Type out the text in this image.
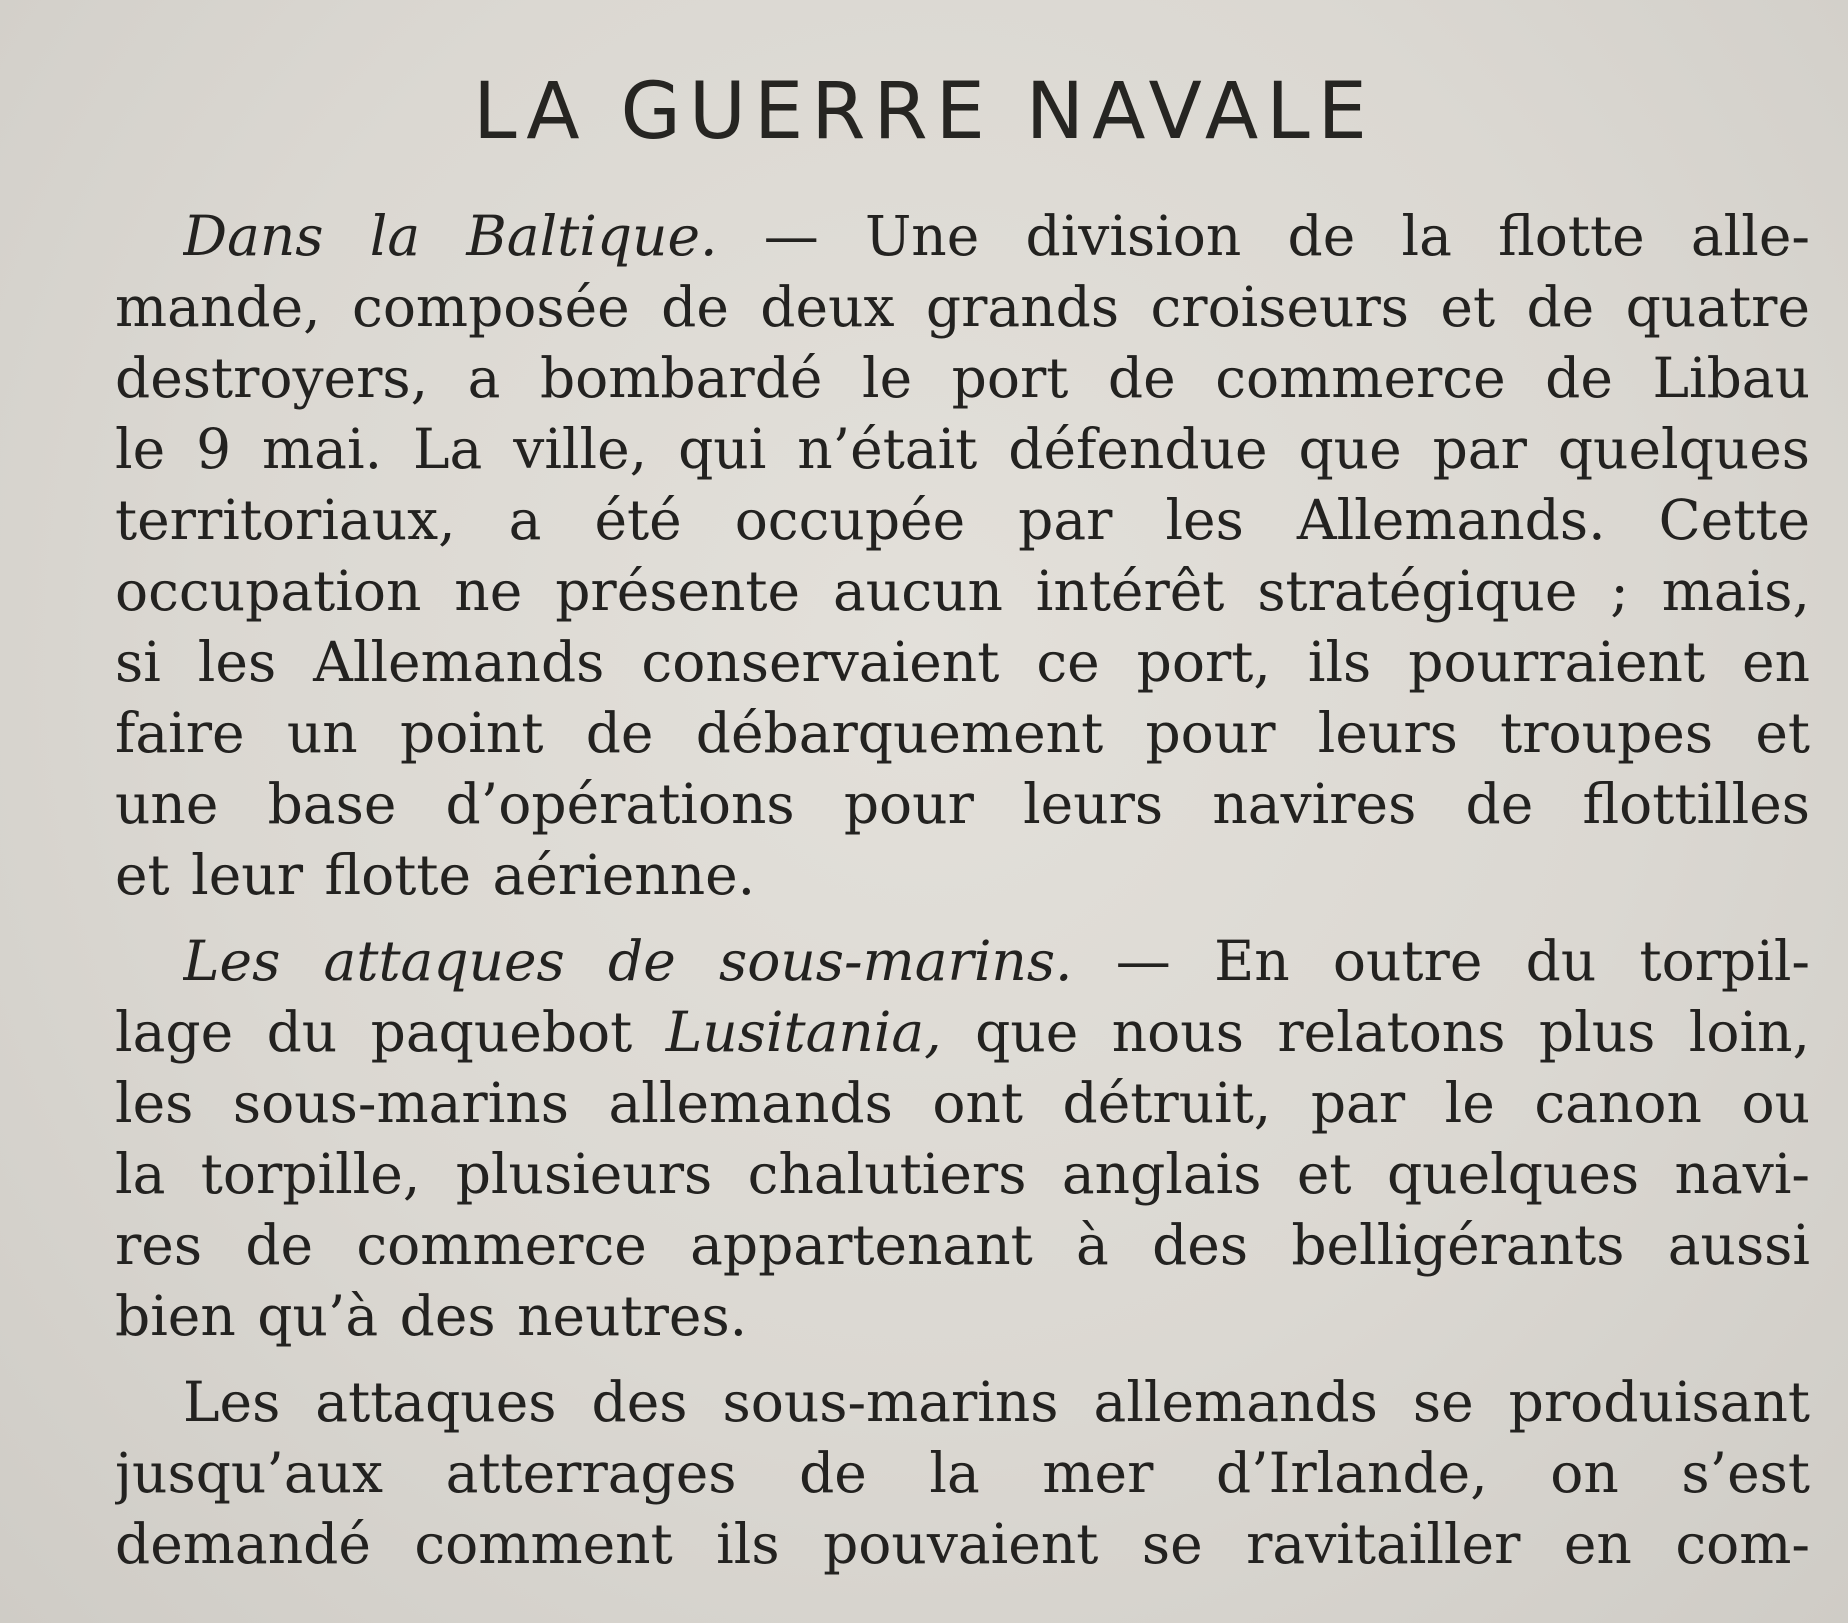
LA GUERRE NAVALE
Dans la Baltique. — Une division de la flotte alle-
mande, composée de deux grands croiseurs et de quatre
destroyers, a bombardé le port de commerce de Libau
le 9 mai. La ville, qui n’était défendue que par quelques
territoriaux, a été occupée par les Allemands. Cette
occupation ne présente aucun intérêt stratégique ; mais,
si les Allemands conservaient ce port, ils pourraient en
faire un point de débarquement pour leurs troupes et
une base d’opérations pour leurs navires de flottilles
et leur flotte aérienne.
Les attaques de sous-marins. — En outre du torpil-
lage du paquebot Lusitania, que nous relatons plus loin,
les sous-marins allemands ont détruit, par le canon ou
la torpille, plusieurs chalutiers anglais et quelques navi-
res de commerce appartenant à des belligérants aussi
bien qu’à des neutres.
Les attaques des sous-marins allemands se produisant
jusqu’aux atterrages de la mer d’Irlande, on s’est
demandé comment ils pouvaient se ravitailler en com-
